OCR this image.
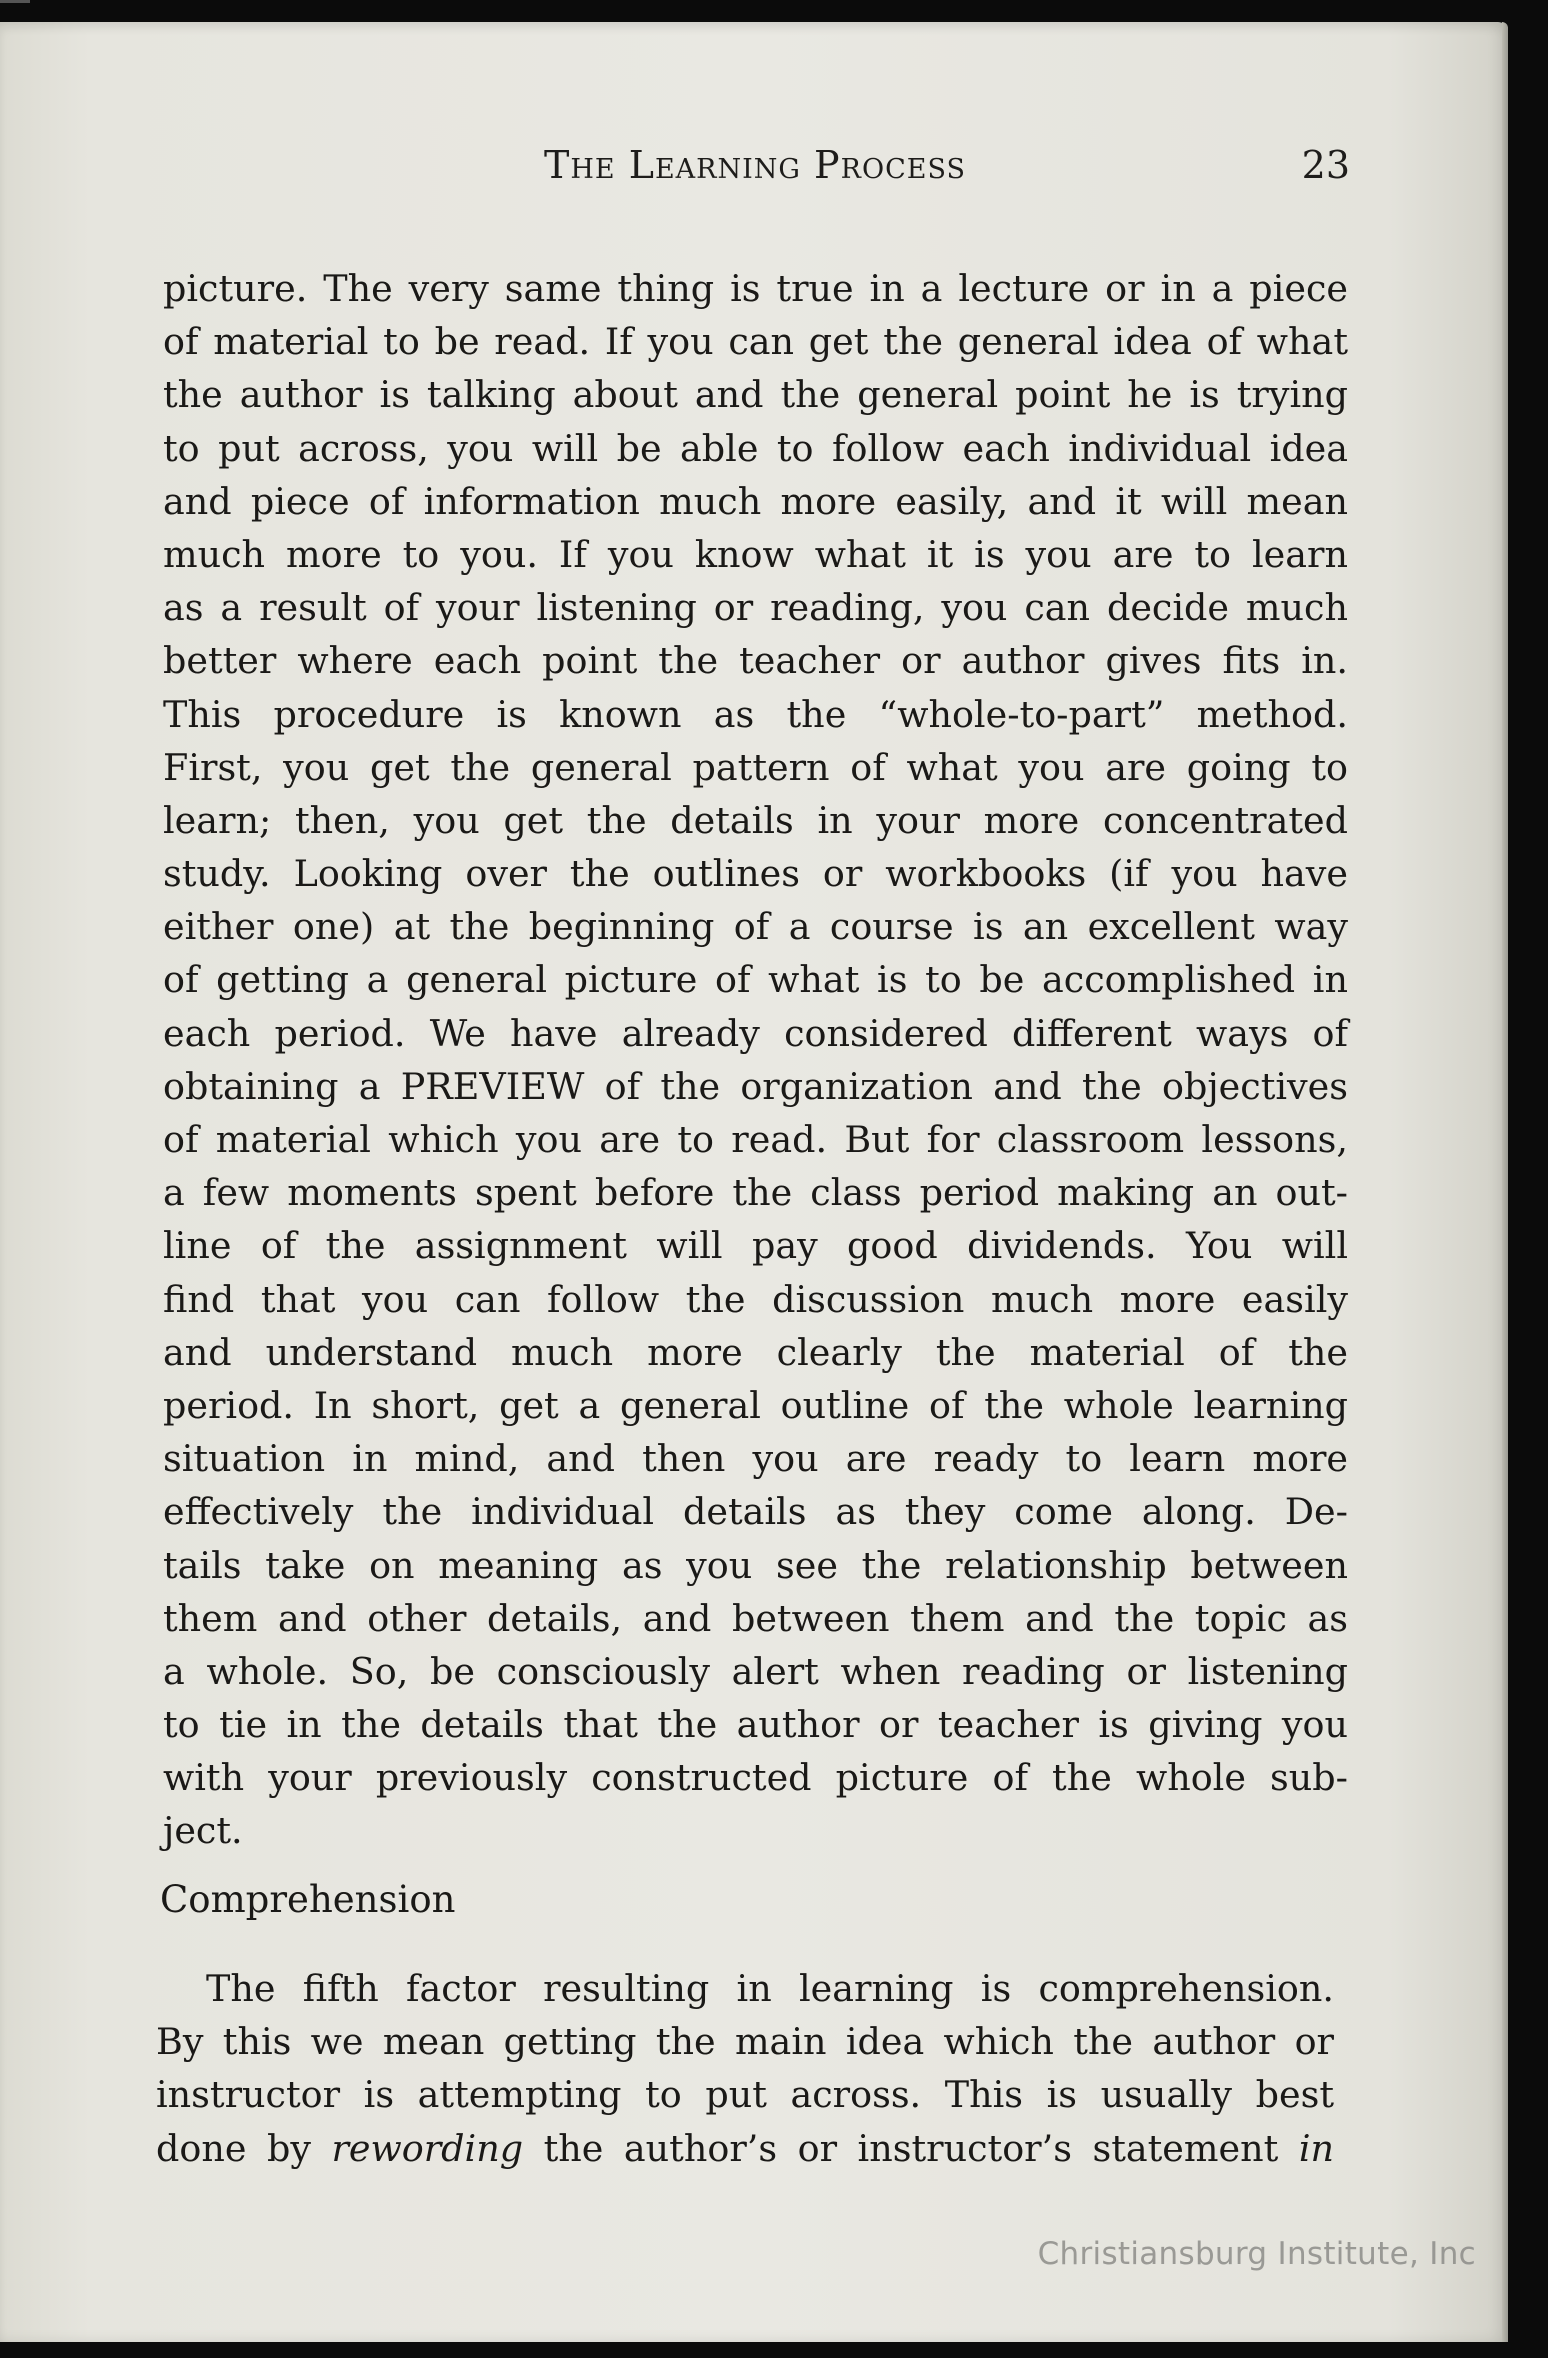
The Learning Process	23
picture. The very same thing is true in a lecture or in a piece
of material to be read. If you can get the general idea of what
the author is talking about and the general point he is trying
to put across, you will be able to follow each individual idea
and piece of information much more easily, and it will mean
much more to you. If you know what it is you are to learn
as a result of your listening or reading, you can decide much
better where each point the teacher or author gives fits in.
This procedure is known as the “whole-to-part” method.
First, you get the general pattern of what you are going to
learn; then, you get the details in your more concentrated
study. Looking over the outlines or workbooks (if you have
either one) at the beginning of a course is an excellent way
of getting a general picture of what is to be accomplished in
each period. We have already considered different ways of
obtaining a PREVIEW of the organization and the objectives
of material which you are to read. But for classroom lessons,
a few moments spent before the class period making an out-
line of the assignment will pay good dividends. You will
find that you can follow the discussion much more easily
and understand much more clearly the material of the
period. In short, get a general outline of the whole learning
situation in mind, and then you are ready to learn more
effectively the individual details as they come along. De-
tails take on meaning as you see the relationship between
them and other details, and between them and the topic as
a whole. So, be consciously alert when reading or listening
to tie in the details that the author or teacher is giving you
with your previously constructed picture of the whole sub-
ject.
Comprehension
The fifth factor resulting in learning is comprehension.
By this we mean getting the main idea which the author or
instructor is attempting to put across. This is usually best
done by rewording the author’s or instructor’s statement in
Christiansburg Institute, Inc
